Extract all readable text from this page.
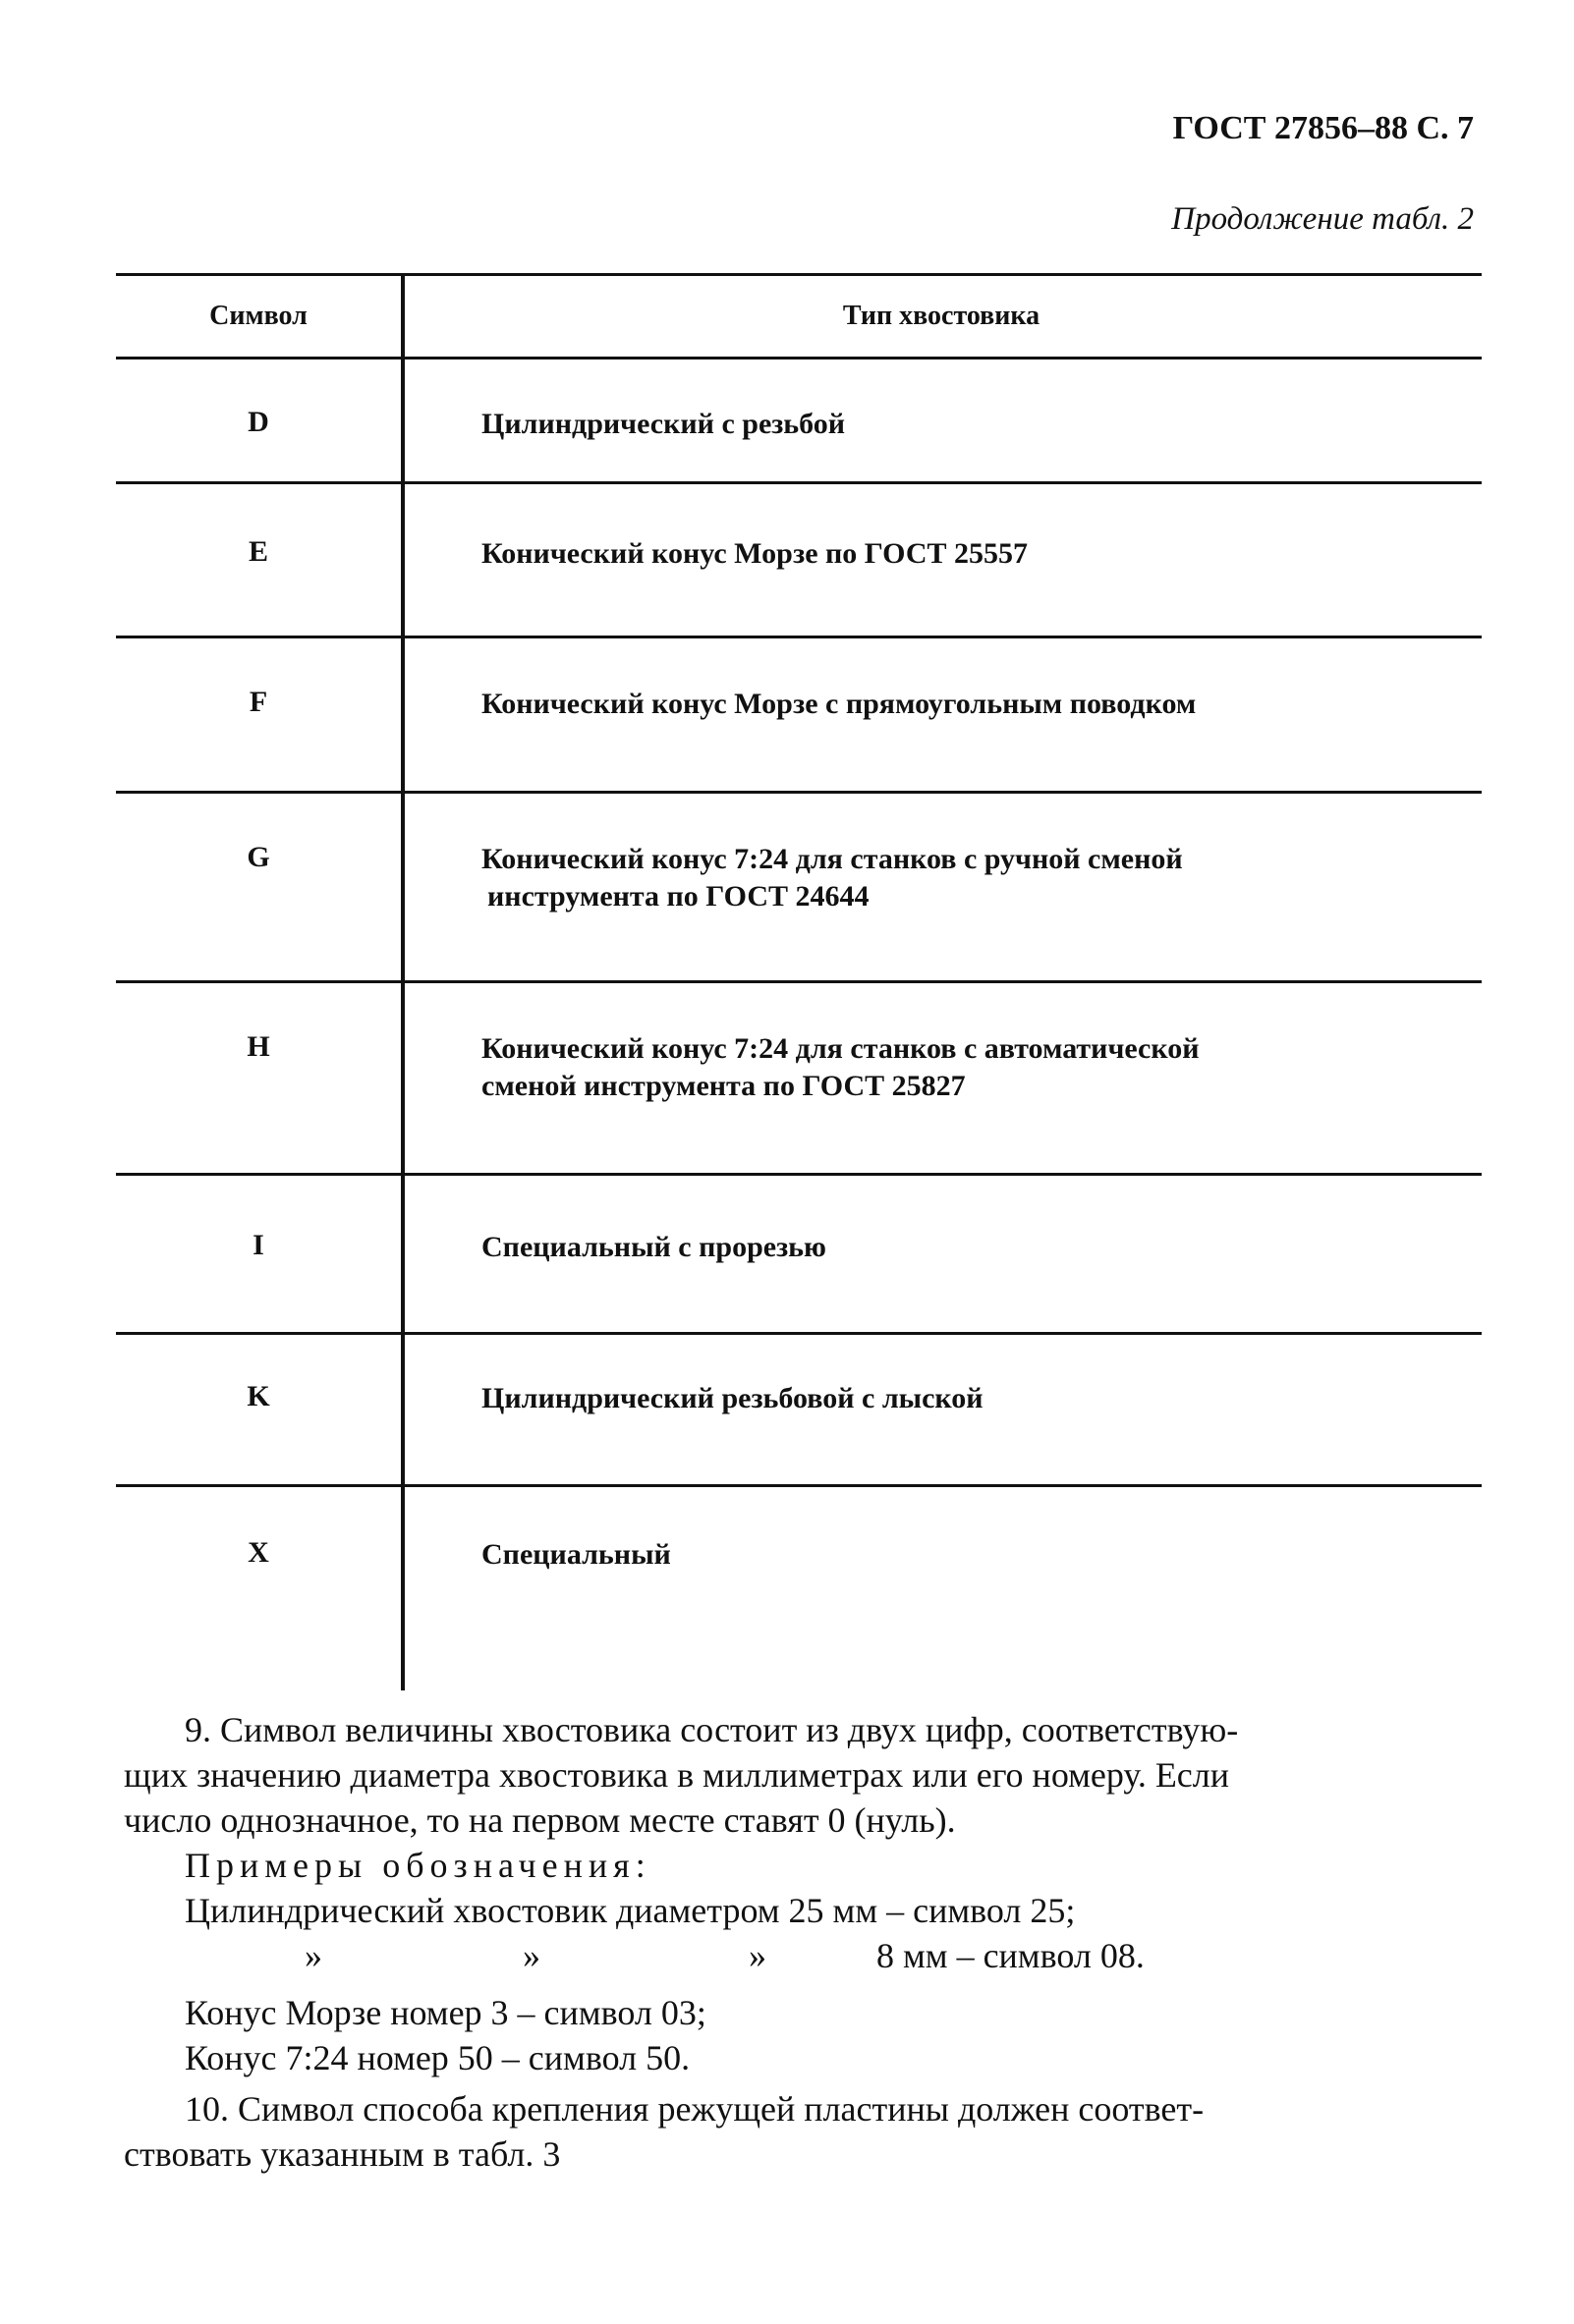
ГОСТ 27856–88 С. 7
Продолжение табл. 2
Символ	Тип хвостовика
D	Цилиндрический с резьбой
E	Конический конус Морзе по ГОСТ 25557
F	Конический конус Морзе с прямоугольным поводком
G	Конический конус 7:24 для станков с ручной сменой
инструмента по ГОСТ 24644
H	Конический конус 7:24 для станков с автоматической
сменой инструмента по ГОСТ 25827
I	Специальный с прорезью
K	Цилиндрический резьбовой с лыской
X	Специальный
9. Символ величины хвостовика состоит из двух цифр, соответствую-
щих значению диаметра хвостовика в миллиметрах или его номеру. Если
число однозначное, то на первом месте ставят 0 (нуль).
Примеры обозначения:
Цилиндрический хвостовик диаметром 25 мм – символ 25;
»	»	»	8 мм – символ 08.
Конус Морзе номер 3 – символ 03;
Конус 7:24 номер 50 – символ 50.
10. Символ способа крепления режущей пластины должен соответ-
ствовать указанным в табл. 3
